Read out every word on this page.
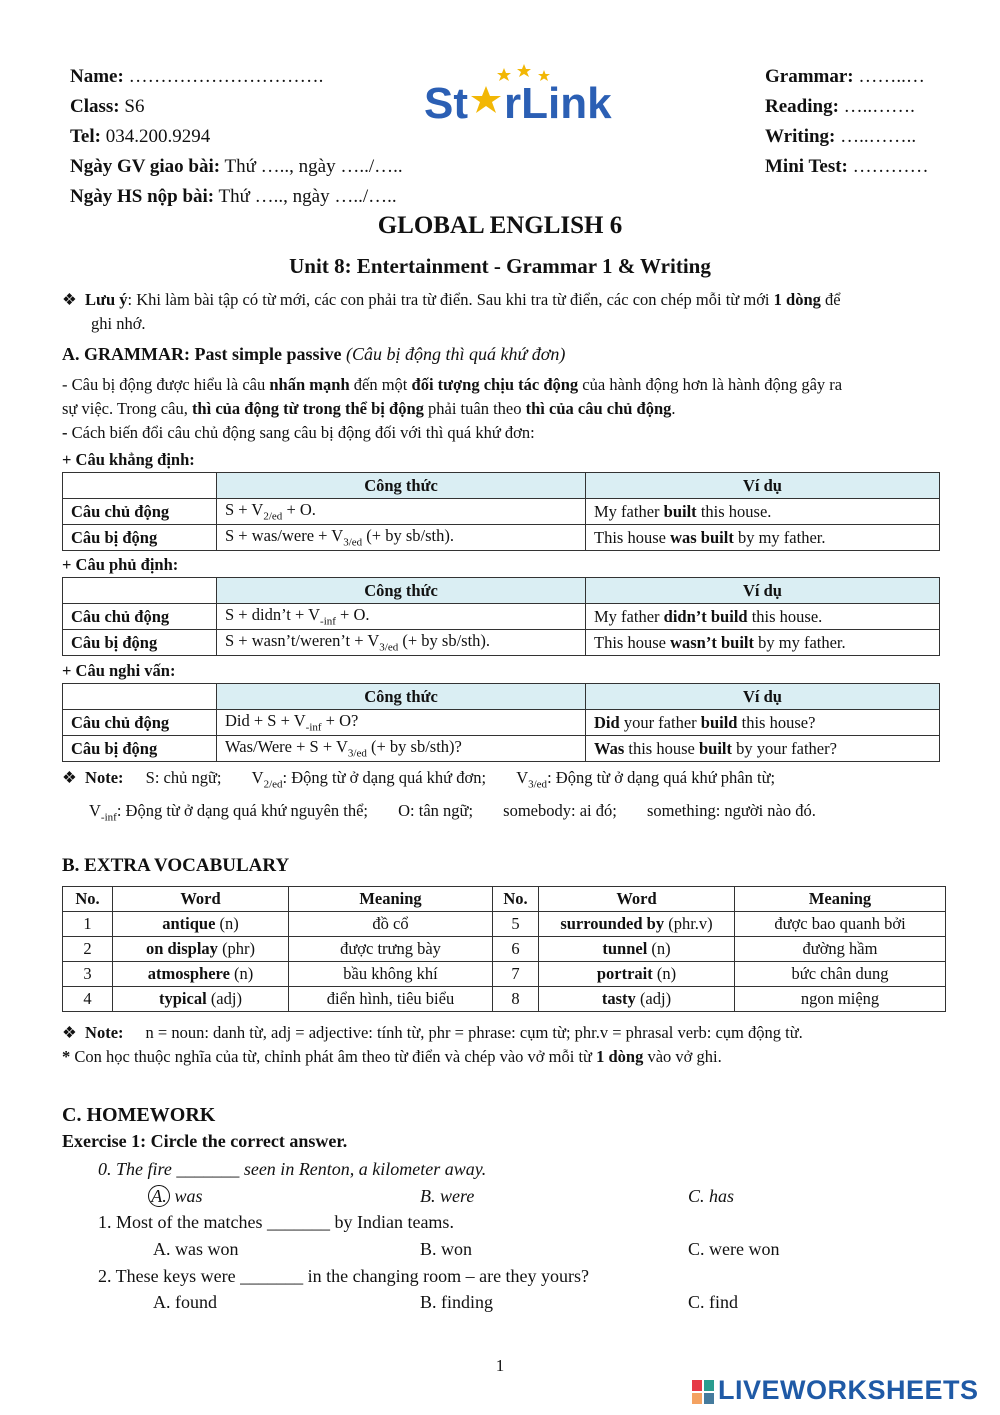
Name: ………………………….
Class: S6
Tel: 034.200.9294
Ngày GV giao bài: Thứ ….., ngày …../…..
Ngày HS nộp bài: Thứ ….., ngày …../…..
St rLink
Grammar: ……..…
Reading: …..…….
Writing: …..……..
Mini Test: …………
GLOBAL ENGLISH 6
Unit 8: Entertainment - Grammar 1 & Writing
❖ Lưu ý: Khi làm bài tập có từ mới, các con phải tra từ điển. Sau khi tra từ điển, các con chép mỗi từ mới 1 dòng để
ghi nhớ.
A. GRAMMAR: Past simple passive (Câu bị động thì quá khứ đơn)
- Câu bị động được hiểu là câu nhấn mạnh đến một đối tượng chịu tác động của hành động hơn là hành động gây ra
sự việc. Trong câu, thì của động từ trong thể bị động phải tuân theo thì của câu chủ động.
- Cách biến đổi câu chủ động sang câu bị động đối với thì quá khứ đơn:
+ Câu khẳng định:
	Công thức	Ví dụ
Câu chủ động	$S + V_{2/ed} + O$.	My father built this house.
Câu bị động	S + was/were + $V_{3/ed}$ (+ by sb/sth).	This house was built by my father.
+ Câu phủ định:
	Công thức	Ví dụ
Câu chủ động	S + didn’t + $V_{-inf} + O$.	My father didn’t build this house.
Câu bị động	S + wasn’t/weren’t + $V_{3/ed}$ (+ by sb/sth).	This house wasn’t built by my father.
+ Câu nghi vấn:
	Công thức	Ví dụ
Câu chủ động	Did + $S + V_{-inf} + O$?	Did your father build this house?
Câu bị động	Was/Were + $S + V_{3/ed}$ (+ by sb/sth)?	Was this house built by your father?
❖ Note: S: chủ ngữ; $V_{2/ed}$: Động từ ở dạng quá khứ đơn; $V_{3/ed}$: Động từ ở dạng quá khứ phân từ;
$V_{-inf}$: Động từ ở dạng quá khứ nguyên thể; O: tân ngữ; somebody: ai đó; something: người nào đó.
B. EXTRA VOCABULARY
No.	Word	Meaning	No.	Word	Meaning
1	antique (n)	đồ cổ	5	surrounded by (phr.v)	được bao quanh bởi
2	on display (phr)	được trưng bày	6	tunnel (n)	đường hầm
3	atmosphere (n)	bầu không khí	7	portrait (n)	bức chân dung
4	typical (adj)	điển hình, tiêu biểu	8	tasty (adj)	ngon miệng
❖ Note: n = noun: danh từ, adj = adjective: tính từ, phr = phrase: cụm từ; phr.v = phrasal verb: cụm động từ.
* Con học thuộc nghĩa của từ, chỉnh phát âm theo từ điển và chép vào vở mỗi từ 1 dòng vào vở ghi.
C. HOMEWORK
Exercise 1: Circle the correct answer.
0. The fire _______ seen in Renton, a kilometer away.
A. was	B. were	C. has
1. Most of the matches _______ by Indian teams.
A. was won	B. won	C. were won
2. These keys were _______ in the changing room – are they yours?
A. found	B. finding	C. find
1
LIVEWORKSHEETS
